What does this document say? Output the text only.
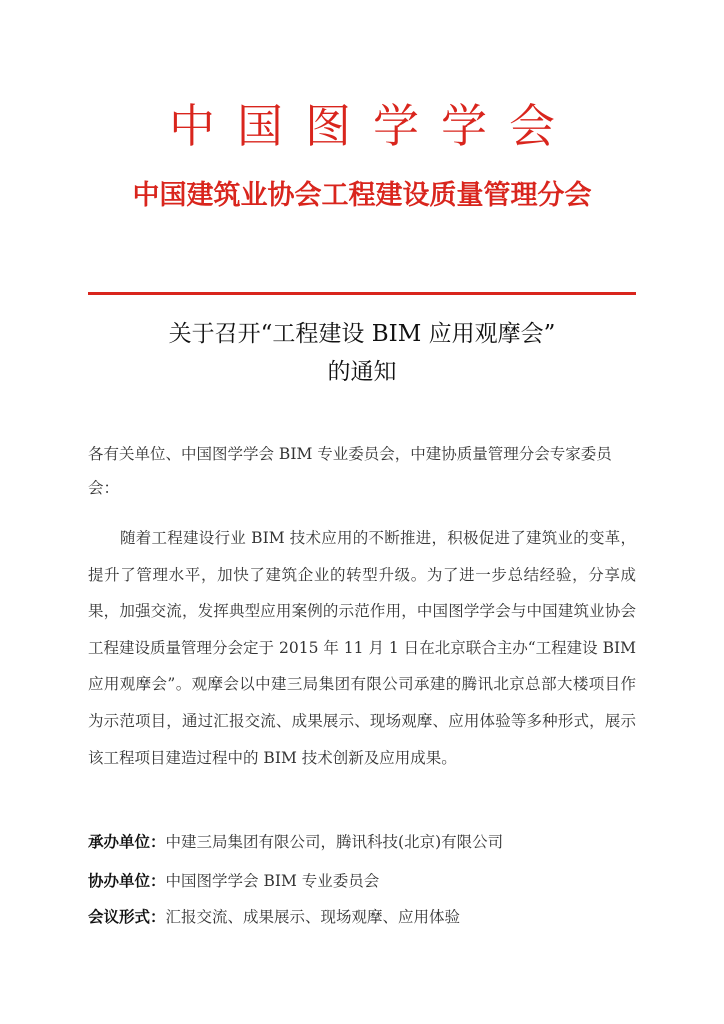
中国图学学会
中国建筑业协会工程建设质量管理分会
关于召开“工程建设 BIM 应用观摩会”
的通知
各有关单位、中国图学学会 BIM 专业委员会，中建协质量管理分会专家委员会：
随着工程建设行业 BIM 技术应用的不断推进，积极促进了建筑业的变革，提升了管理水平，加快了建筑企业的转型升级。为了进一步总结经验，分享成果，加强交流，发挥典型应用案例的示范作用，中国图学学会与中国建筑业协会工程建设质量管理分会定于 2015 年 11 月 1 日在北京联合主办“工程建设 BIM 应用观摩会”。观摩会以中建三局集团有限公司承建的腾讯北京总部大楼项目作为示范项目，通过汇报交流、成果展示、现场观摩、应用体验等多种形式，展示该工程项目建造过程中的 BIM 技术创新及应用成果。
承办单位：中建三局集团有限公司，腾讯科技(北京)有限公司
协办单位：中国图学学会 BIM 专业委员会
会议形式：汇报交流、成果展示、现场观摩、应用体验
